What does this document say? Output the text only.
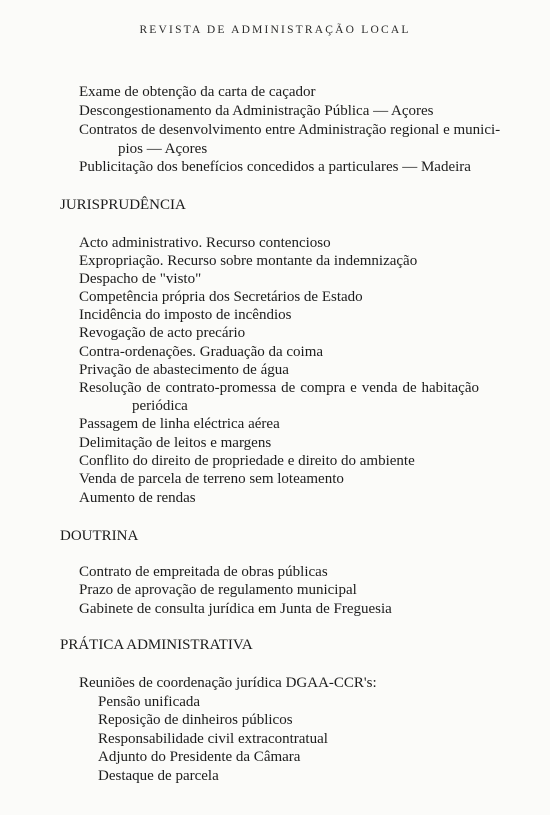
REVISTA DE ADMINISTRAÇÃO LOCAL
Exame de obtenção da carta de caçador
Descongestionamento da Administração Pública — Açores
Contratos de desenvolvimento entre Administração regional e munici-
pios — Açores
Publicitação dos benefícios concedidos a particulares — Madeira
JURISPRUDÊNCIA
Acto administrativo. Recurso contencioso
Expropriação. Recurso sobre montante da indemnização
Despacho de "visto"
Competência própria dos Secretários de Estado
Incidência do imposto de incêndios
Revogação de acto precário
Contra-ordenações. Graduação da coima
Privação de abastecimento de água
Resolução de contrato-promessa de compra e venda de habitação
periódica
Passagem de linha eléctrica aérea
Delimitação de leitos e margens
Conflito do direito de propriedade e direito do ambiente
Venda de parcela de terreno sem loteamento
Aumento de rendas
DOUTRINA
Contrato de empreitada de obras públicas
Prazo de aprovação de regulamento municipal
Gabinete de consulta jurídica em Junta de Freguesia
PRÁTICA ADMINISTRATIVA
Reuniões de coordenação jurídica DGAA-CCR's:
Pensão unificada
Reposição de dinheiros públicos
Responsabilidade civil extracontratual
Adjunto do Presidente da Câmara
Destaque de parcela
